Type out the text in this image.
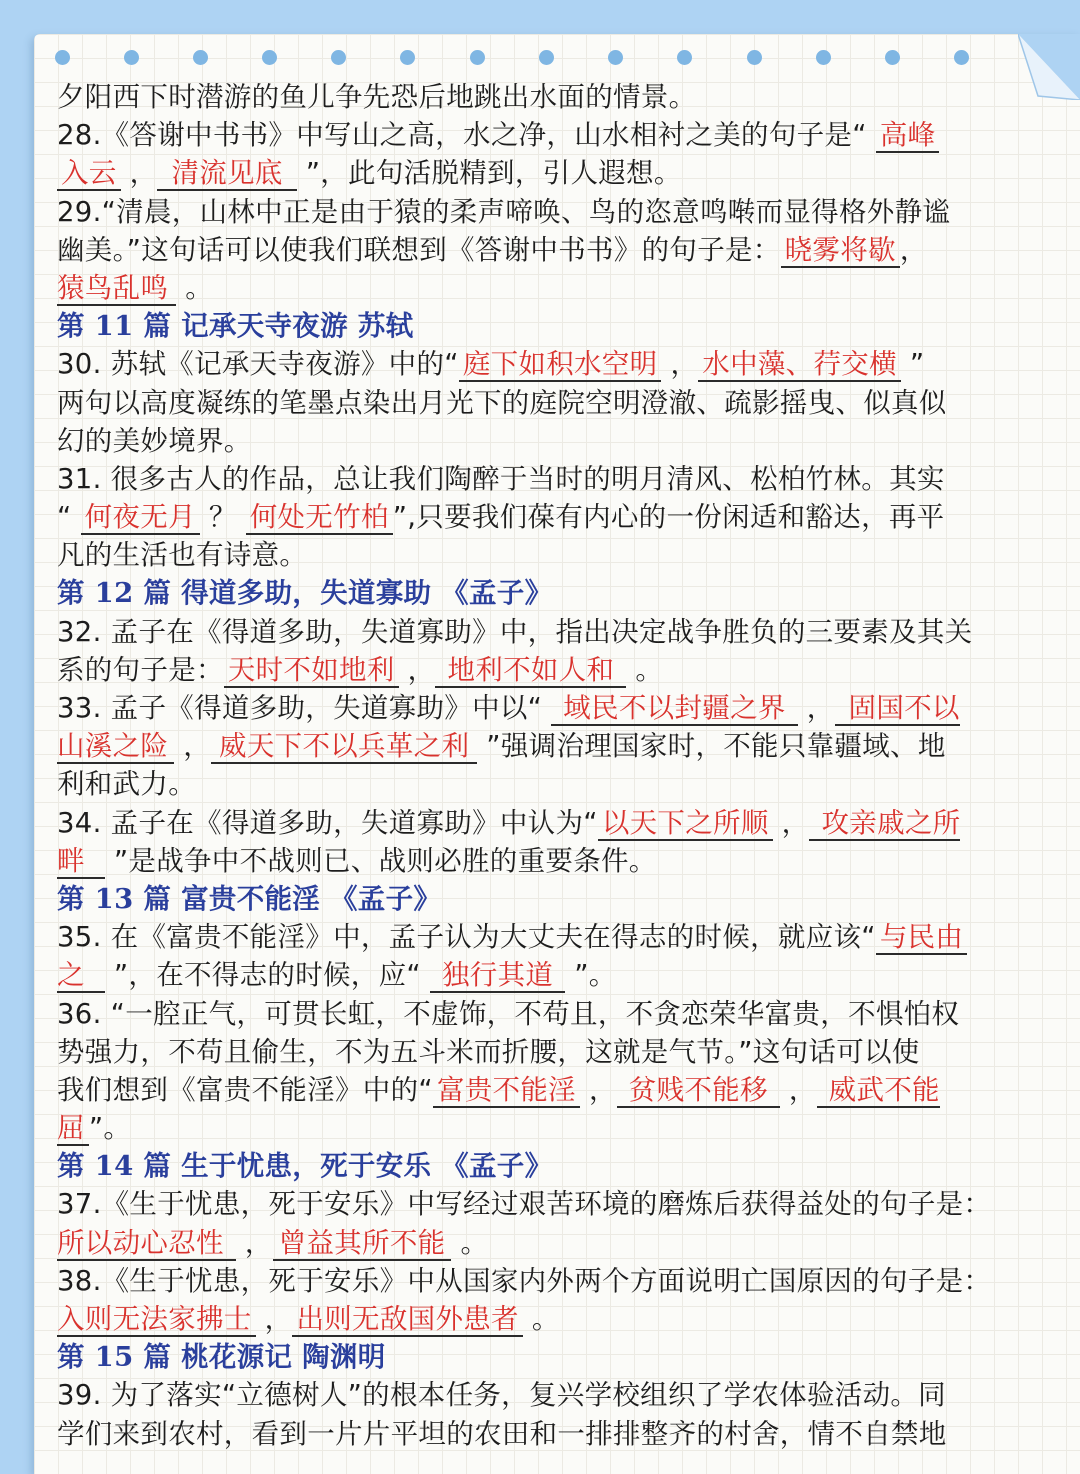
夕阳西下时潜游的鱼儿争先恐后地跳出水面的情景。
28.《答谢中书书》中写山之高，水之净，山水相衬之美的句子是“ 高峰
入云 ， 清流见底 ”，此句活脱精到，引人遐想。
29.“清晨，山林中正是由于猿的柔声啼唤、鸟的恣意鸣啭而显得格外静谧
幽美。”这句话可以使我们联想到《答谢中书书》的句子是： 晓雾将歇 ，
猿鸟乱鸣 。
第 11 篇 记承天寺夜游 苏轼
30. 苏轼《记承天寺夜游》中的“ 庭下如积水空明 ， 水中藻、荇交横 ”
两句以高度凝练的笔墨点染出月光下的庭院空明澄澈、疏影摇曳、似真似
幻的美妙境界。
31. 很多古人的作品，总让我们陶醉于当时的明月清风、松柏竹林。其实
“ 何夜无月 ？ 何处无竹柏 ”,只要我们葆有内心的一份闲适和豁达，再平
凡的生活也有诗意。
第 12 篇 得道多助，失道寡助 《孟子》
32. 孟子在《得道多助，失道寡助》中，指出决定战争胜负的三要素及其关
系的句子是： 天时不如地利 ， 地利不如人和 。
33. 孟子《得道多助，失道寡助》中以“ 域民不以封疆之界 ， 固国不以
山溪之险 ， 威天下不以兵革之利 ”强调治理国家时，不能只靠疆域、地
利和武力。
34. 孟子在《得道多助，失道寡助》中认为“ 以天下之所顺 ， 攻亲戚之所
畔 ”是战争中不战则已、战则必胜的重要条件。
第 13 篇 富贵不能淫 《孟子》
35. 在《富贵不能淫》中，孟子认为大丈夫在得志的时候，就应该“ 与民由
之 ”，在不得志的时候，应“ 独行其道 ”。
36. “一腔正气，可贯长虹，不虚饰，不苟且，不贪恋荣华富贵，不惧怕权
势强力，不苟且偷生，不为五斗米而折腰，这就是气节。”这句话可以使
我们想到《富贵不能淫》中的“ 富贵不能淫 ， 贫贱不能移 ， 威武不能
屈 ”。
第 14 篇 生于忧患，死于安乐 《孟子》
37.《生于忧患，死于安乐》中写经过艰苦环境的磨炼后获得益处的句子是：
所以动心忍性 ， 曾益其所不能 。
38.《生于忧患，死于安乐》中从国家内外两个方面说明亡国原因的句子是：
入则无法家拂士 ， 出则无敌国外患者 。
第 15 篇 桃花源记 陶渊明
39. 为了落实“立德树人”的根本任务，复兴学校组织了学农体验活动。同
学们来到农村，看到一片片平坦的农田和一排排整齐的村舍，情不自禁地
